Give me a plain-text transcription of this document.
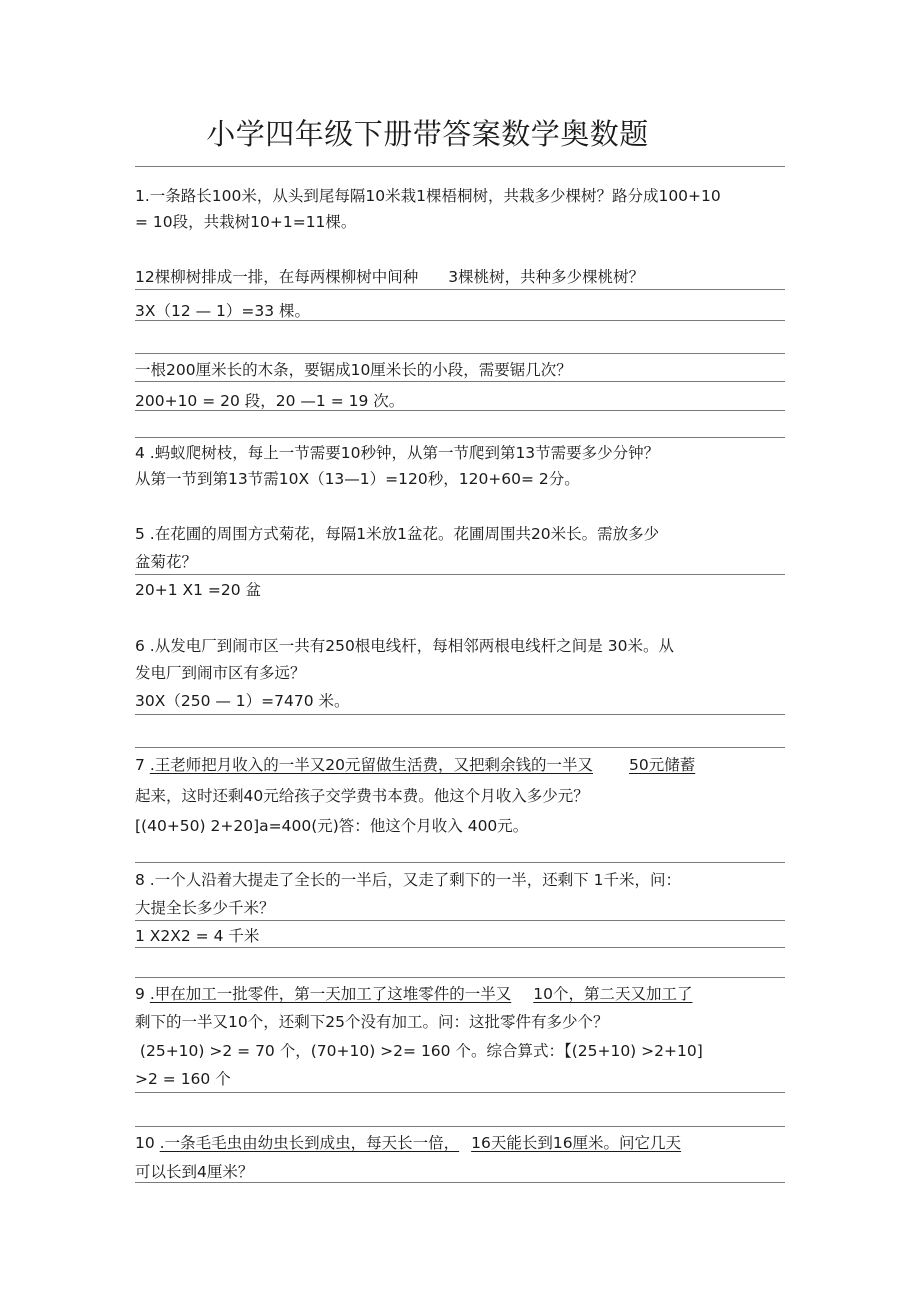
小学四年级下册带答案数学奥数题
1.一条路长100米，从头到尾每隔10米栽1棵梧桐树，共栽多少棵树？路分成100+10
= 10段，共栽树10+1=11棵。
12棵柳树排成一排，在每两棵柳树中间种 3棵桃树，共种多少棵桃树？
3X（12 — 1）=33 棵。
一根200厘米长的木条，要锯成10厘米长的小段，需要锯几次？
200+10 = 20 段，20 —1 = 19 次。
4 .蚂蚁爬树枝，每上一节需要10秒钟，从第一节爬到第13节需要多少分钟？
从第一节到第13节需10X（13—1）=120秒，120+60= 2分。
5 .在花圃的周围方式菊花，每隔1米放1盆花。花圃周围共20米长。需放多少
盆菊花？
20+1 X1 =20 盆
6 .从发电厂到闹市区一共有250根电线杆，每相邻两根电线杆之间是 30米。从
发电厂到闹市区有多远？
30X（250 — 1）=7470 米。
7 .王老师把月收入的一半又20元留做生活费，又把剩余钱的一半又 50元储蓄
起来，这时还剩40元给孩子交学费书本费。他这个月收入多少元？
[(40+50) 2+20]a=400(元)答：他这个月收入 400元。
8 .一个人沿着大提走了全长的一半后，又走了剩下的一半，还剩下 1千米，问：
大提全长多少千米？
1 X2X2 = 4 千米
9 .甲在加工一批零件，第一天加工了这堆零件的一半又 10个，第二天又加工了
剩下的一半又10个，还剩下25个没有加工。问：这批零件有多少个？
(25+10) >2 = 70 个，(70+10) >2= 160 个。综合算式：【(25+10) >2+10]
>2 = 160 个
10 .一条毛毛虫由幼虫长到成虫，每天长一倍， 16天能长到16厘米。问它几天
可以长到4厘米？
